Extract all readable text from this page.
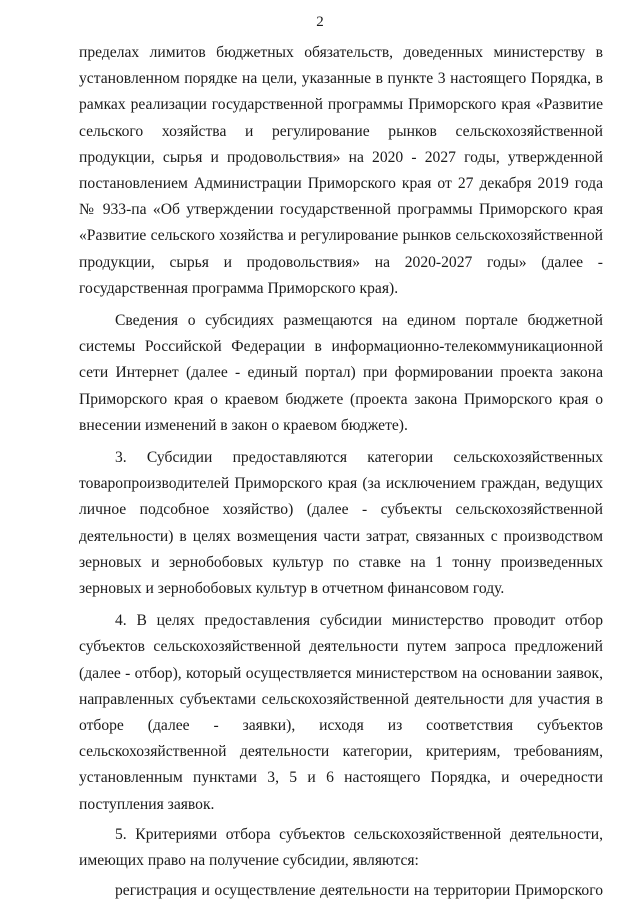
2

пределах лимитов бюджетных обязательств, доведенных министерству в установленном порядке на цели, указанные в пункте 3 настоящего Порядка, в рамках реализации государственной программы Приморского края «Развитие сельского хозяйства и регулирование рынков сельскохозяйственной продукции, сырья и продовольствия» на 2020 - 2027 годы, утвержденной постановлением Администрации Приморского края от 27 декабря 2019 года № 933-па «Об утверждении государственной программы Приморского края «Развитие сельского хозяйства и регулирование рынков сельскохозяйственной продукции, сырья и продовольствия» на 2020-2027 годы» (далее - государственная программа Приморского края).

Сведения о субсидиях размещаются на едином портале бюджетной системы Российской Федерации в информационно-телекоммуникационной сети Интернет (далее - единый портал) при формировании проекта закона Приморского края о краевом бюджете (проекта закона Приморского края о внесении изменений в закон о краевом бюджете).

3. Субсидии предоставляются категории сельскохозяйственных товаропроизводителей Приморского края (за исключением граждан, ведущих личное подсобное хозяйство) (далее - субъекты сельскохозяйственной деятельности) в целях возмещения части затрат, связанных с производством зерновых и зернобобовых культур по ставке на 1 тонну произведенных зерновых и зернобобовых культур в отчетном финансовом году.

4. В целях предоставления субсидии министерство проводит отбор субъектов сельскохозяйственной деятельности путем запроса предложений (далее - отбор), который осуществляется министерством на основании заявок, направленных субъектами сельскохозяйственной деятельности для участия в отборе (далее - заявки), исходя из соответствия субъектов сельскохозяйственной деятельности категории, критериям, требованиям, установленным пунктами 3, 5 и 6 настоящего Порядка, и очередности поступления заявок.

5. Критериями отбора субъектов сельскохозяйственной деятельности, имеющих право на получение субсидии, являются:

регистрация и осуществление деятельности на территории Приморского
